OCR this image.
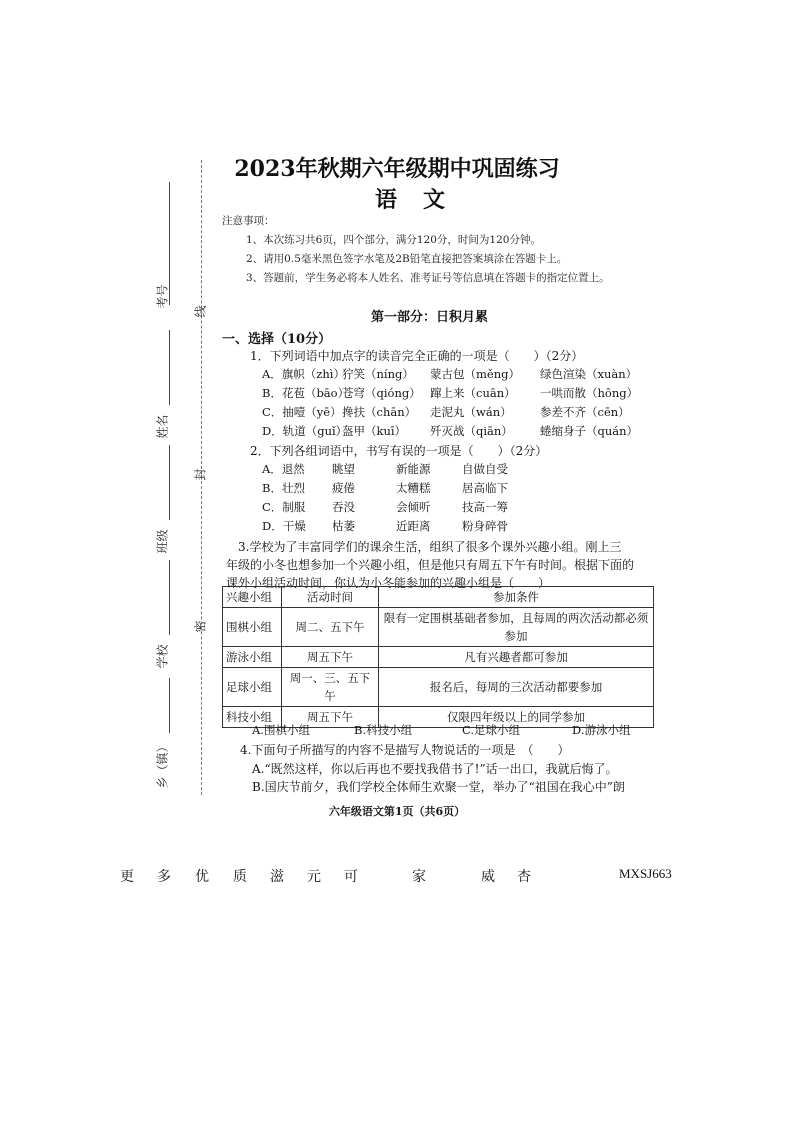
考号
姓名
班级
学校
乡（镇）
线
封
密
2023年秋期六年级期中巩固练习
语文
注意事项：
1、本次练习共6页，四个部分，满分120分，时间为120分钟。
2、请用0.5毫米黑色签字水笔及2B铅笔直接把答案填涂在答题卡上。
3、答题前，学生务必将本人姓名、准考证号等信息填在答题卡的指定位置上。
第一部分：日积月累
一、选择（10分）
1．下列词语中加点字的读音完全正确的一项是（　　）（2分）
A．旗帜（zhì）狞笑（níng） 蒙古包（měng） 绿色渲染（xuàn）
B．花苞（bāo）苍穹（qióng） 蹿上来（cuān） 一哄而散（hōng）
C．抽噎（yē）搀扶（chān） 走泥丸（wán） 参差不齐（cēn）
D．轨道（guǐ）盔甲（kuī） 歼灭战（qiān） 蜷缩身子（quán）
2．下列各组词语中，书写有误的一项是（　　）（2分）
A．退然 眺望	新能源	自做自受
B．壮烈 疲倦	太糟糕	居高临下
C．制服 吞没	会倾听	技高一筹
D．干燥 枯萎	近距离	粉身碎骨
3.学校为了丰富同学们的课余生活，组织了很多个课外兴趣小组。刚上三
年级的小冬也想参加一个兴趣小组，但是他只有周五下午有时间。根据下面的
课外小组活动时间，你认为小冬能参加的兴趣小组是（　　）
兴趣小组	活动时间	参加条件
围棋小组	周二、五下午	限有一定围棋基础者参加，且每周的两次活动都必须参加
游泳小组	周五下午	凡有兴趣者都可参加
足球小组	周一、三、五下午	报名后，每周的三次活动都要参加
科技小组	周五下午	仅限四年级以上的同学参加
A.围棋小组	B.科技小组	C.足球小组	D.游泳小组
4.下面句子所描写的内容不是描写人物说话的一项是　（　　）
A.“既然这样，你以后再也不要找我借书了!”话一出口，我就后悔了。
B.国庆节前夕，我们学校全体师生欢聚一堂，举办了“祖国在我心中”朗
六年级语文第1页（共6页）
更 多 优 质 滋 元 可	家	威 杏	MXSJ663
